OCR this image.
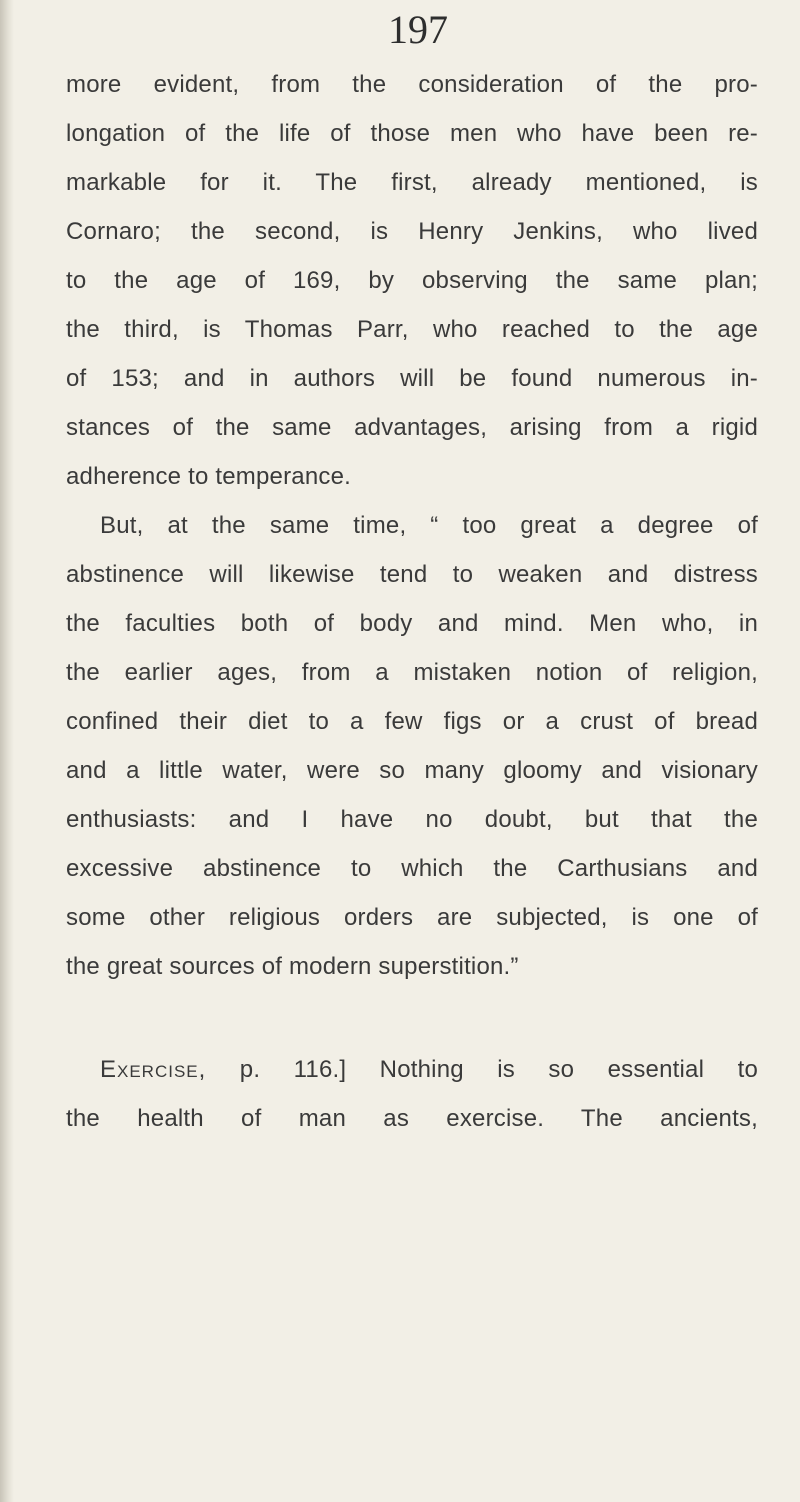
197
more evident, from the consideration of the pro-
longation of the life of those men who have been re-
markable for it. The first, already mentioned, is
Cornaro; the second, is Henry Jenkins, who lived
to the age of 169, by observing the same plan;
the third, is Thomas Parr, who reached to the age
of 153; and in authors will be found numerous in-
stances of the same advantages, arising from a rigid
adherence to temperance.
But, at the same time, “ too great a degree of
abstinence will likewise tend to weaken and distress
the faculties both of body and mind. Men who, in
the earlier ages, from a mistaken notion of religion,
confined their diet to a few figs or a crust of bread
and a little water, were so many gloomy and visionary
enthusiasts: and I have no doubt, but that the
excessive abstinence to which the Carthusians and
some other religious orders are subjected, is one of
the great sources of modern superstition.”
Exercise, p. 116.] Nothing is so essential to
the health of man as exercise. The ancients,
